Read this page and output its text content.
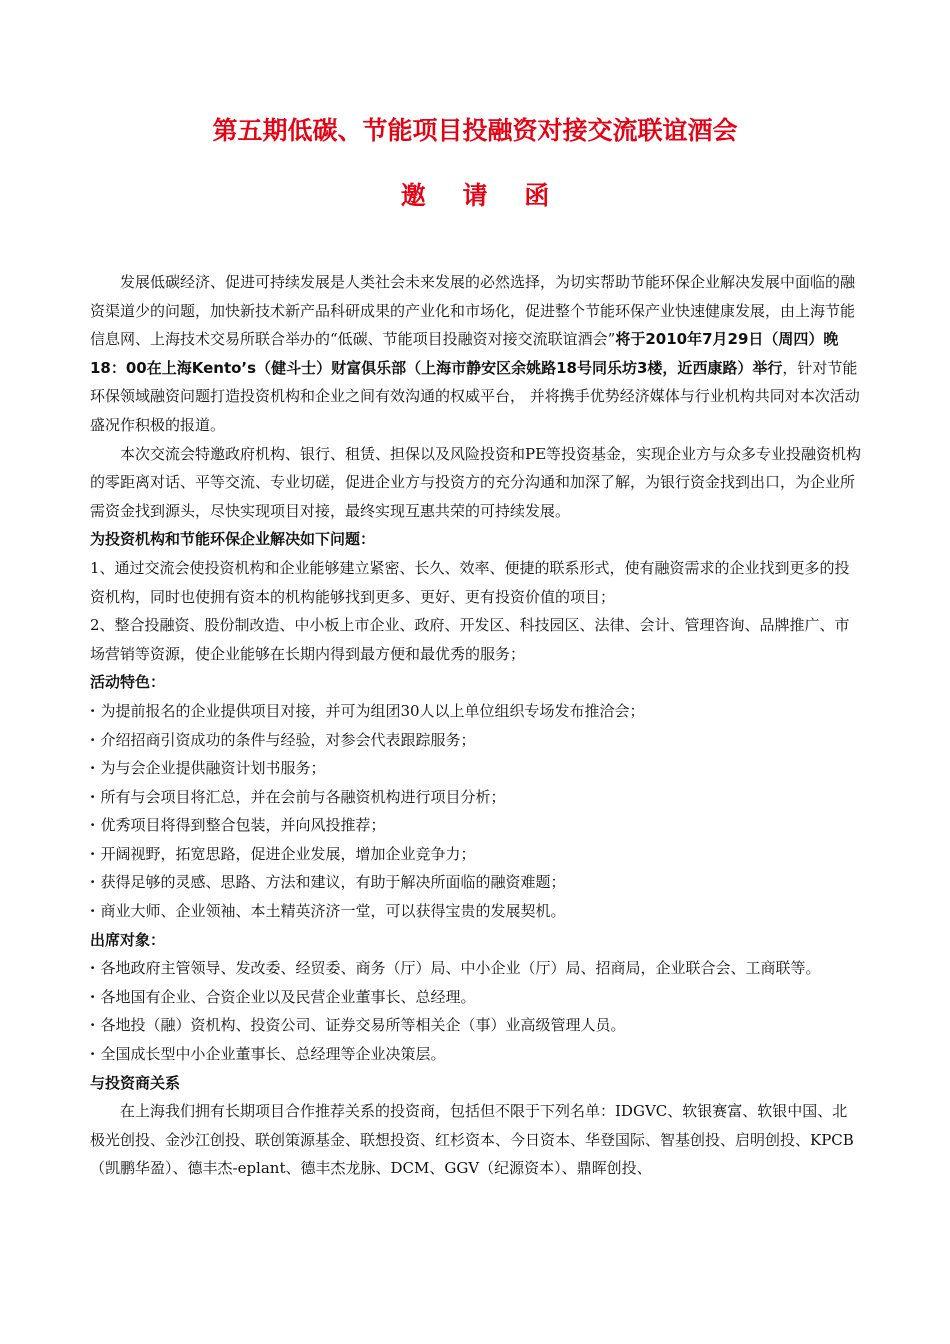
第五期低碳、节能项目投融资对接交流联谊酒会
邀 请 函

发展低碳经济、促进可持续发展是人类社会未来发展的必然选择，为切实帮助节能环保企业解决发展中面临的融资渠道少的问题，加快新技术新产品科研成果的产业化和市场化，促进整个节能环保产业快速健康发展，由上海节能信息网、上海技术交易所联合举办的“低碳、节能项目投融资对接交流联谊酒会”将于2010年7月29日（周四）晚18：00在上海Kento’s（健斗士）财富俱乐部（上海市静安区余姚路18号同乐坊3楼，近西康路）举行，针对节能环保领域融资问题打造投资机构和企业之间有效沟通的权威平台， 并将携手优势经济媒体与行业机构共同对本次活动盛况作积极的报道。

本次交流会特邀政府机构、银行、租赁、担保以及风险投资和PE等投资基金，实现企业方与众多专业投融资机构的零距离对话、平等交流、专业切磋，促进企业方与投资方的充分沟通和加深了解，为银行资金找到出口，为企业所需资金找到源头，尽快实现项目对接，最终实现互惠共荣的可持续发展。

为投资机构和节能环保企业解决如下问题：

1、通过交流会使投资机构和企业能够建立紧密、长久、效率、便捷的联系形式，使有融资需求的企业找到更多的投资机构，同时也使拥有资本的机构能够找到更多、更好、更有投资价值的项目；

2、整合投融资、股份制改造、中小板上市企业、政府、开发区、科技园区、法律、会计、管理咨询、品牌推广、市场营销等资源，使企业能够在长期内得到最方便和最优秀的服务；

活动特色：

· 为提前报名的企业提供项目对接，并可为组团30人以上单位组织专场发布推洽会；

· 介绍招商引资成功的条件与经验，对参会代表跟踪服务；

· 为与会企业提供融资计划书服务；

· 所有与会项目将汇总，并在会前与各融资机构进行项目分析；

· 优秀项目将得到整合包装，并向风投推荐；

· 开阔视野，拓宽思路，促进企业发展，增加企业竞争力；

· 获得足够的灵感、思路、方法和建议，有助于解决所面临的融资难题；

· 商业大师、企业领袖、本土精英济济一堂，可以获得宝贵的发展契机。

出席对象：

· 各地政府主管领导、发改委、经贸委、商务（厅）局、中小企业（厅）局、招商局，企业联合会、工商联等。

· 各地国有企业、合资企业以及民营企业董事长、总经理。

· 各地投（融）资机构、投资公司、证券交易所等相关企（事）业高级管理人员。

· 全国成长型中小企业董事长、总经理等企业决策层。

与投资商关系

在上海我们拥有长期项目合作推荐关系的投资商，包括但不限于下列名单：IDGVC、软银赛富、软银中国、北极光创投、金沙江创投、联创策源基金、联想投资、红杉资本、今日资本、华登国际、智基创投、启明创投、KPCB（凯鹏华盈）、德丰杰-eplant、德丰杰龙脉、DCM、GGV（纪源资本）、鼎晖创投、
